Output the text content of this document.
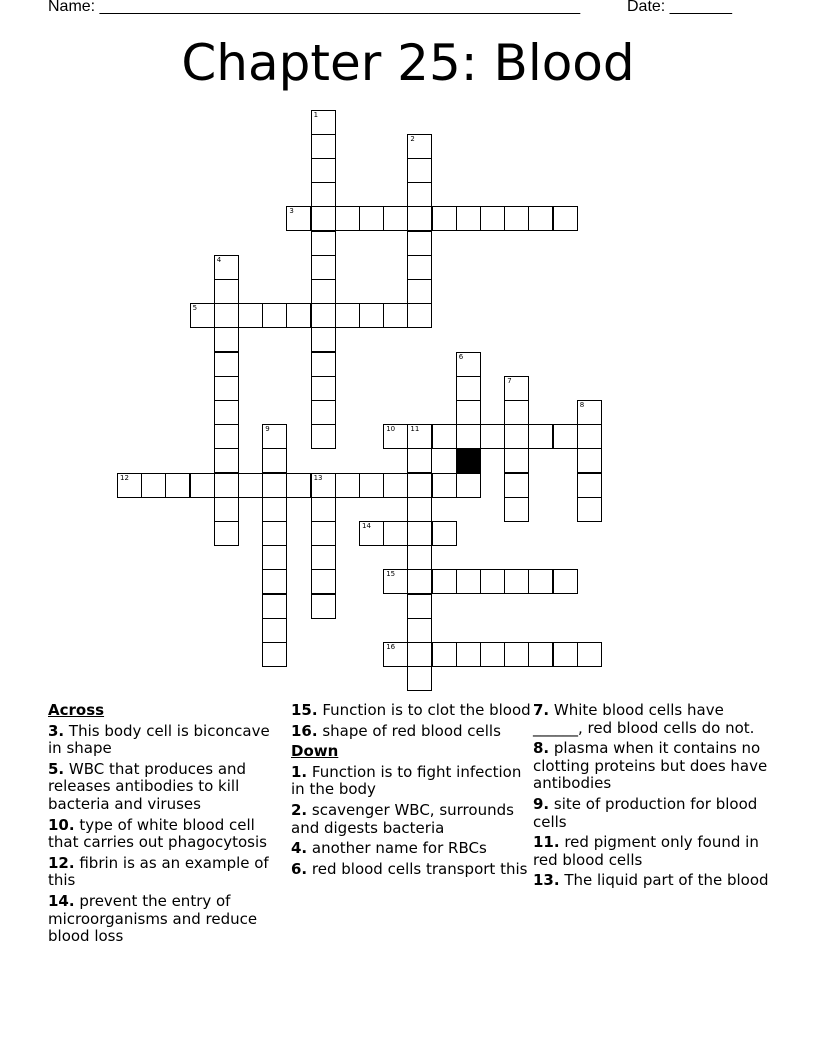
Name: ______________________________________________________

	Date: _______

Chapter 25: Blood
1
2
3
4
5
6
7
8
9	10 11
12	13
14
15
16
Across
3. This body cell is biconcave in shape
5. WBC that produces and releases antibodies to kill bacteria and viruses
10. type of white blood cell that carries out phagocytosis
12. fibrin is as an example of this
14. prevent the entry of microorganisms and reduce blood loss
15. Function is to clot the blood
16. shape of red blood cells
Down
1. Function is to fight infection in the body
2. scavenger WBC, surrounds and digests bacteria
4. another name for RBCs
6. red blood cells transport this
7. White blood cells have ______, red blood cells do not.
8. plasma when it contains no clotting proteins but does have antibodies
9. site of production for blood cells
11. red pigment only found in red blood cells
13. The liquid part of the blood
